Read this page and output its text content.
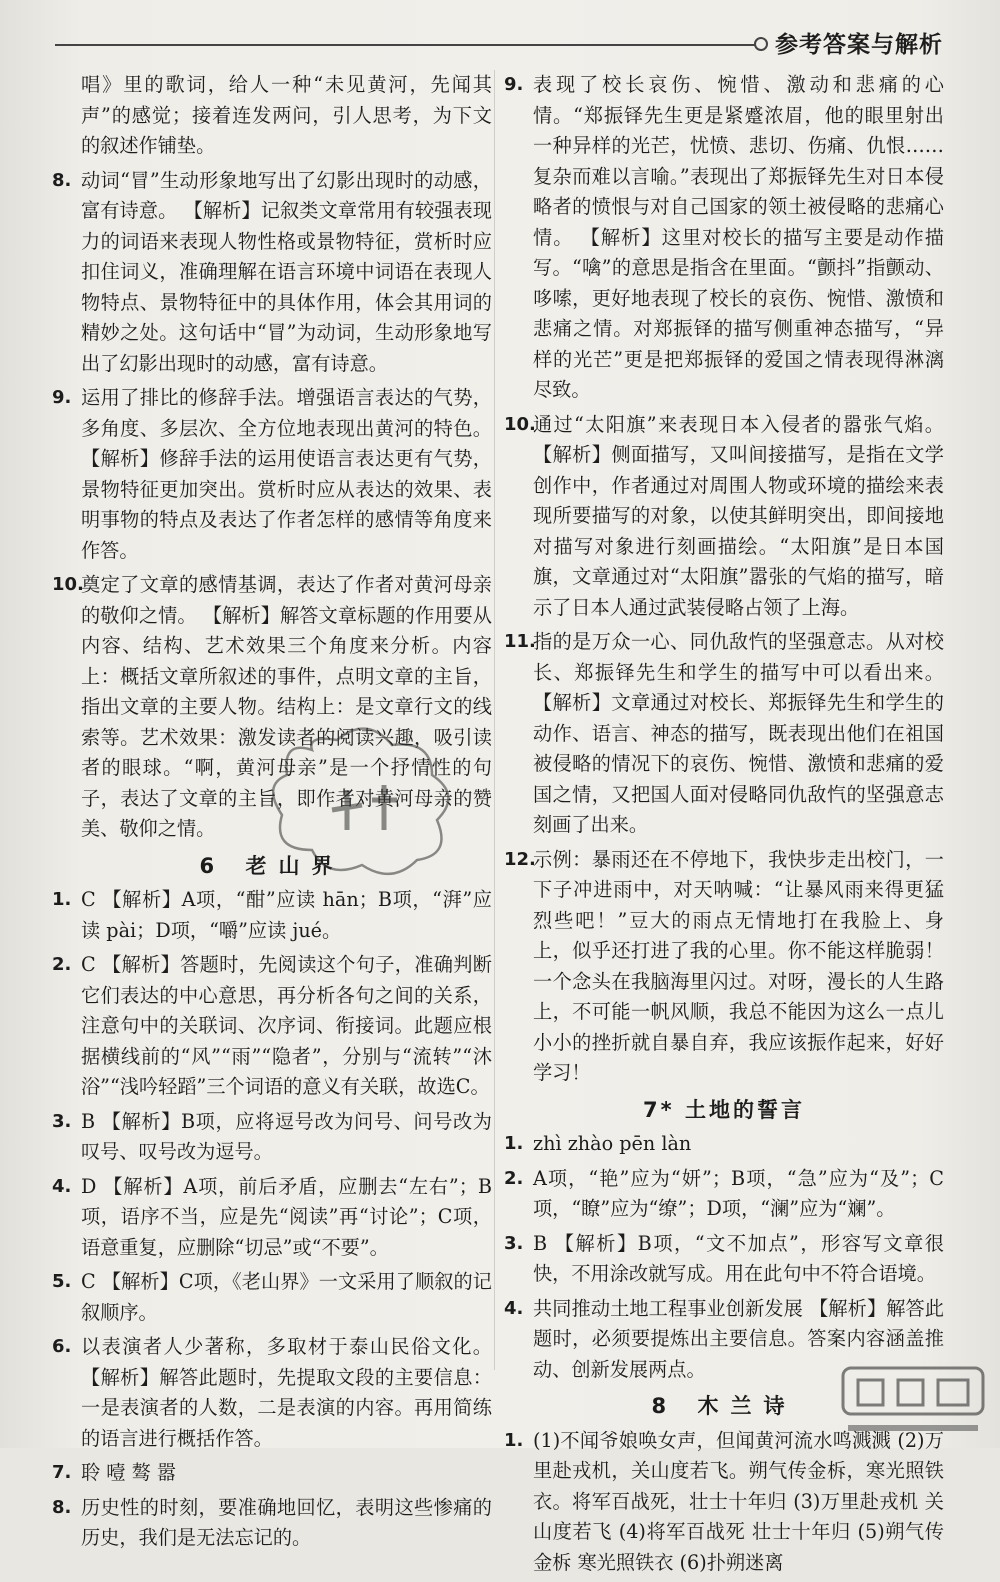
参考答案与解析
唱》里的歌词，给人一种“未见黄河，先闻其声”的感觉；接着连发两问，引人思考，为下文的叙述作铺垫。
8. 动词“冒”生动形象地写出了幻影出现时的动感，富有诗意。 【解析】记叙类文章常用有较强表现力的词语来表现人物性格或景物特征，赏析时应扣住词义，准确理解在语言环境中词语在表现人物特点、景物特征中的具体作用，体会其用词的精妙之处。这句话中“冒”为动词，生动形象地写出了幻影出现时的动感，富有诗意。
9. 运用了排比的修辞手法。增强语言表达的气势，多角度、多层次、全方位地表现出黄河的特色。 【解析】修辞手法的运用使语言表达更有气势，景物特征更加突出。赏析时应从表达的效果、表明事物的特点及表达了作者怎样的感情等角度来作答。
10.
奠定了文章的感情基调，表达了作者对黄河母亲的敬仰之情。 【解析】解答文章标题的作用要从内容、结构、艺术效果三个角度来分析。内容上：概括文章所叙述的事件，点明文章的主旨，指出文章的主要人物。结构上：是文章行文的线索等。艺术效果：激发读者的阅读兴趣，吸引读者的眼球。“啊，黄河母亲”是一个抒情性的句子，表达了文章的主旨，即作者对黄河母亲的赞美、敬仰之情。
6 老山界
1. C 【解析】A项，“酣”应读 hān；B项，“湃”应读 pài；D项，“嚼”应读 jué。
2. C 【解析】答题时，先阅读这个句子，准确判断它们表达的中心意思，再分析各句之间的关系，注意句中的关联词、次序词、衔接词。此题应根据横线前的“风”“雨”“隐者”，分别与“流转”“沐浴”“浅吟轻蹈”三个词语的意义有关联，故选C。
3. B 【解析】B项，应将逗号改为问号、问号改为叹号、叹号改为逗号。
4. D 【解析】A项，前后矛盾，应删去“左右”；B项，语序不当，应是先“阅读”再“讨论”；C项，语意重复，应删除“切忌”或“不要”。
5. C 【解析】C项，《老山界》一文采用了顺叙的记叙顺序。
6. 以表演者人少著称，多取材于泰山民俗文化。 【解析】解答此题时，先提取文段的主要信息：一是表演者的人数，二是表演的内容。再用简练的语言进行概括作答。
7. 聆 噎 骜 嚣
8. 历史性的时刻，要准确地回忆，表明这些惨痛的历史，我们是无法忘记的。
9. 表现了校长哀伤、惋惜、激动和悲痛的心情。“郑振铎先生更是紧蹙浓眉，他的眼里射出一种异样的光芒，忧愤、悲切、伤痛、仇恨……复杂而难以言喻。”表现出了郑振铎先生对日本侵略者的愤恨与对自己国家的领土被侵略的悲痛心情。 【解析】这里对校长的描写主要是动作描写。“噙”的意思是指含在里面。“颤抖”指颤动、哆嗦，更好地表现了校长的哀伤、惋惜、激愤和悲痛之情。对郑振铎的描写侧重神态描写，“异样的光芒”更是把郑振铎的爱国之情表现得淋漓尽致。
10.
通过“太阳旗”来表现日本入侵者的嚣张气焰。 【解析】侧面描写，又叫间接描写，是指在文学创作中，作者通过对周围人物或环境的描绘来表现所要描写的对象，以使其鲜明突出，即间接地对描写对象进行刻画描绘。“太阳旗”是日本国旗，文章通过对“太阳旗”嚣张的气焰的描写，暗示了日本人通过武装侵略占领了上海。
11.
指的是万众一心、同仇敌忾的坚强意志。从对校长、郑振铎先生和学生的描写中可以看出来。 【解析】文章通过对校长、郑振铎先生和学生的动作、语言、神态的描写，既表现出他们在祖国被侵略的情况下的哀伤、惋惜、激愤和悲痛的爱国之情，又把国人面对侵略同仇敌忾的坚强意志刻画了出来。
12.
示例：暴雨还在不停地下，我快步走出校门，一下子冲进雨中，对天呐喊：“让暴风雨来得更猛烈些吧！”豆大的雨点无情地打在我脸上、身上，似乎还打进了我的心里。你不能这样脆弱！一个念头在我脑海里闪过。对呀，漫长的人生路上，不可能一帆风顺，我总不能因为这么一点儿小小的挫折就自暴自弃，我应该振作起来，好好学习！
7* 土地的誓言
1. zhì zhào pēn làn
2. A项，“艳”应为“妍”；B项，“急”应为“及”；C项，“瞭”应为“缭”；D项，“澜”应为“斓”。
3. B 【解析】B项，“文不加点”，形容写文章很快，不用涂改就写成。用在此句中不符合语境。
4. 共同推动土地工程事业创新发展 【解析】解答此题时，必须要提炼出主要信息。答案内容涵盖推动、创新发展两点。
8 木兰诗
1. (1)不闻爷娘唤女声，但闻黄河流水鸣溅溅 (2)万里赴戎机，关山度若飞。朔气传金柝，寒光照铁衣。将军百战死，壮士十年归 (3)万里赴戎机 关山度若飞 (4)将军百战死 壮士十年归 (5)朔气传金柝 寒光照铁衣 (6)扑朔迷离
